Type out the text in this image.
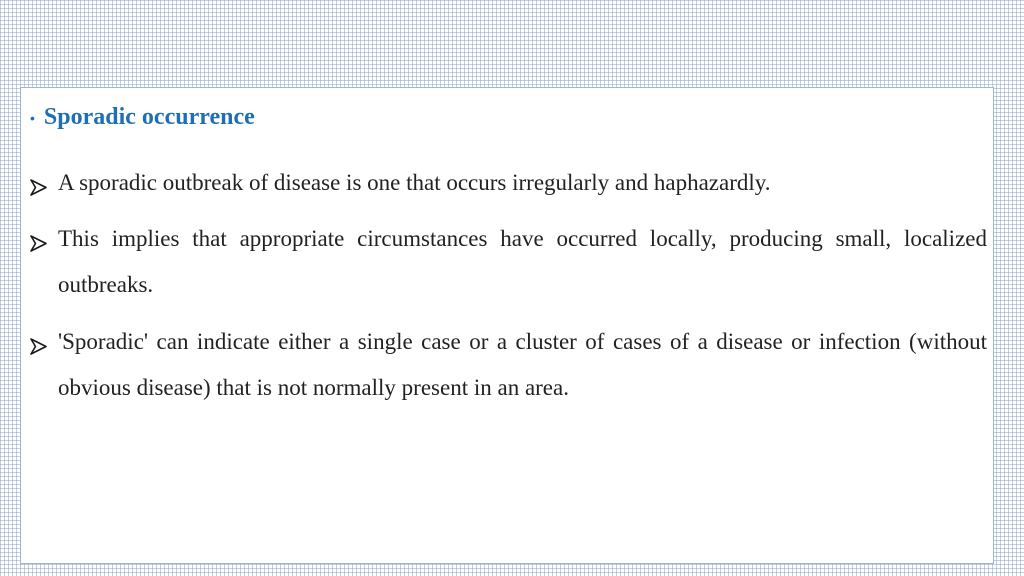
• Sporadic occurrence
A sporadic outbreak of disease is one that occurs irregularly and haphazardly.
This implies that appropriate circumstances have occurred locally, producing small, localized outbreaks.
'Sporadic' can indicate either a single case or a cluster of cases of a disease or infection (without obvious disease) that is not normally present in an area.
